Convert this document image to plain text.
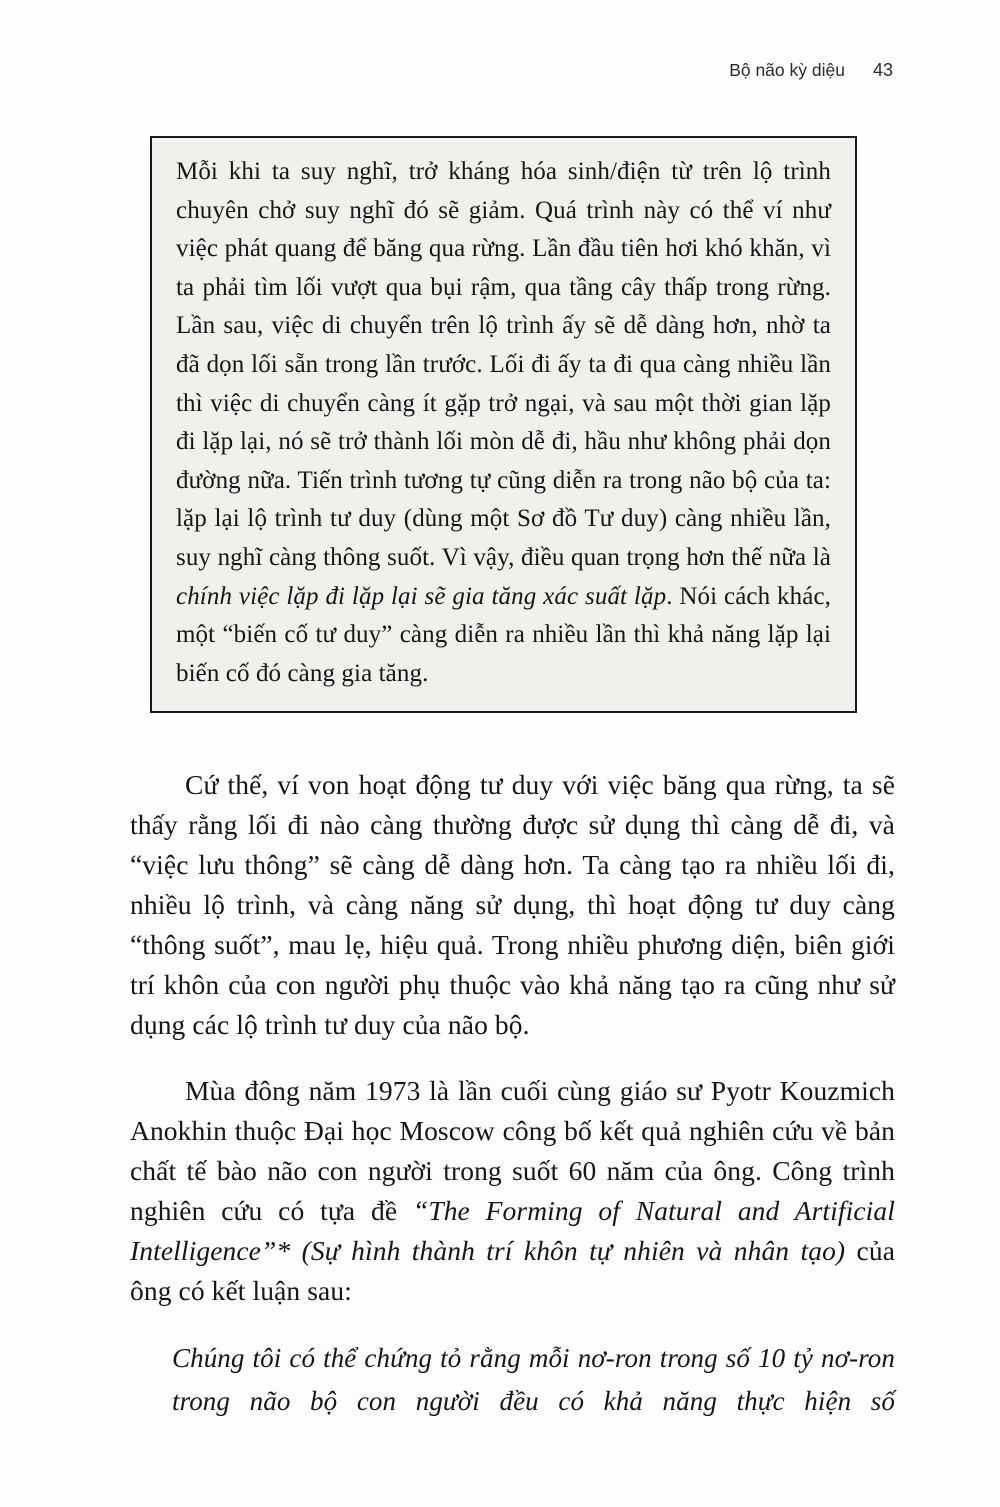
Bộ não kỳ diệu 43

Mỗi khi ta suy nghĩ, trở kháng hóa sinh/điện từ trên lộ trình chuyên chở suy nghĩ đó sẽ giảm. Quá trình này có thể ví như việc phát quang để băng qua rừng. Lần đầu tiên hơi khó khăn, vì ta phải tìm lối vượt qua bụi rậm, qua tầng cây thấp trong rừng. Lần sau, việc di chuyển trên lộ trình ấy sẽ dễ dàng hơn, nhờ ta đã dọn lối sẵn trong lần trước. Lối đi ấy ta đi qua càng nhiều lần thì việc di chuyển càng ít gặp trở ngại, và sau một thời gian lặp đi lặp lại, nó sẽ trở thành lối mòn dễ đi, hầu như không phải dọn đường nữa. Tiến trình tương tự cũng diễn ra trong não bộ của ta: lặp lại lộ trình tư duy (dùng một Sơ đồ Tư duy) càng nhiều lần, suy nghĩ càng thông suốt. Vì vậy, điều quan trọng hơn thế nữa là chính việc lặp đi lặp lại sẽ gia tăng xác suất lặp. Nói cách khác, một “biến cố tư duy” càng diễn ra nhiều lần thì khả năng lặp lại biến cố đó càng gia tăng.

Cứ thế, ví von hoạt động tư duy với việc băng qua rừng, ta sẽ thấy rằng lối đi nào càng thường được sử dụng thì càng dễ đi, và “việc lưu thông” sẽ càng dễ dàng hơn. Ta càng tạo ra nhiều lối đi, nhiều lộ trình, và càng năng sử dụng, thì hoạt động tư duy càng “thông suốt”, mau lẹ, hiệu quả. Trong nhiều phương diện, biên giới trí khôn của con người phụ thuộc vào khả năng tạo ra cũng như sử dụng các lộ trình tư duy của não bộ.

Mùa đông năm 1973 là lần cuối cùng giáo sư Pyotr Kouzmich Anokhin thuộc Đại học Moscow công bố kết quả nghiên cứu về bản chất tế bào não con người trong suốt 60 năm của ông. Công trình nghiên cứu có tựa đề “The Forming of Natural and Artificial Intelligence”* (Sự hình thành trí khôn tự nhiên và nhân tạo) của ông có kết luận sau:

Chúng tôi có thể chứng tỏ rằng mỗi nơ-ron trong số 10 tỷ nơ-ron trong não bộ con người đều có khả năng thực hiện số
